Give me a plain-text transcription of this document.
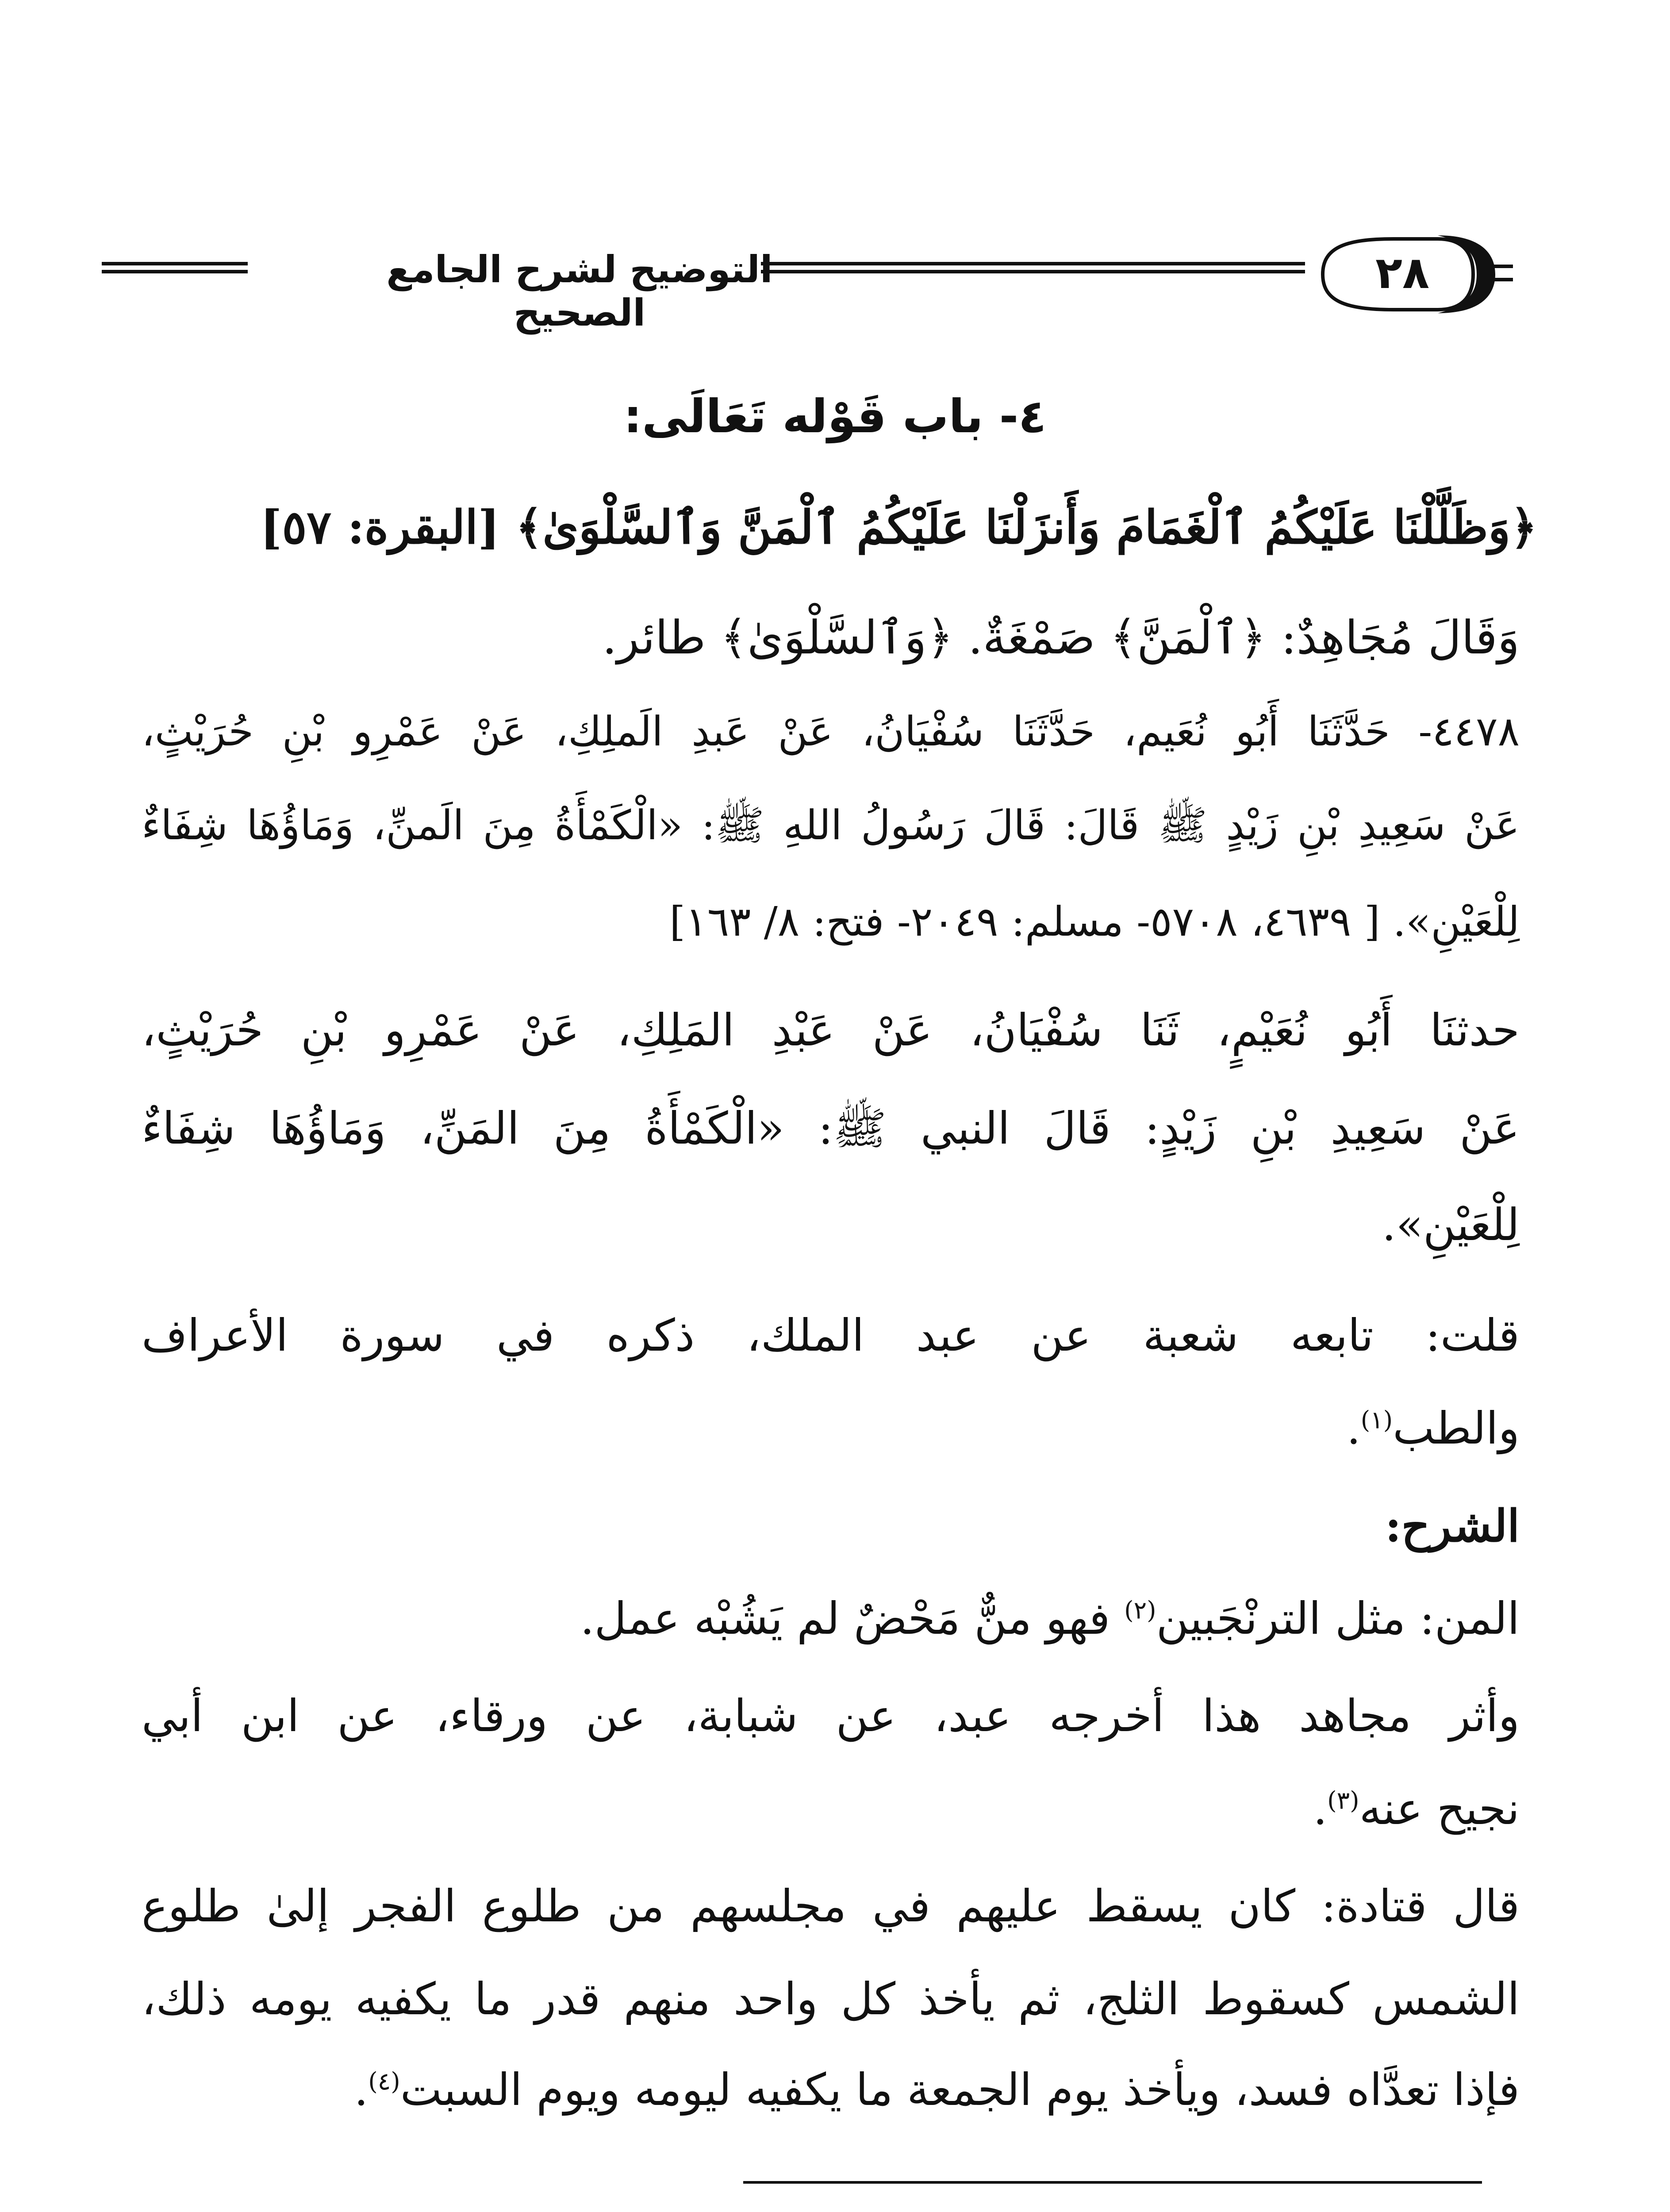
التوضيح لشرح الجامع الصحيح
٢٨
٤- باب قَوْله تَعَالَى:
﴿وَظَلَّلْنَا عَلَيْكُمُ ٱلْغَمَامَ وَأَنزَلْنَا عَلَيْكُمُ ٱلْمَنَّ وَٱلسَّلْوَىٰ﴾ [البقرة: ٥٧]
وَقَالَ مُجَاهِدٌ: ﴿ٱلْمَنَّ﴾ صَمْغَةٌ. ﴿وَٱلسَّلْوَىٰ﴾ طائر.
٤٤٧٨- حَدَّثَنَا أَبُو نُعَيم، حَدَّثَنَا سُفْيَانُ، عَنْ عَبدِ الَملِكِ، عَنْ عَمْرِو بْنِ حُرَيْثٍ،
عَنْ سَعِيدِ بْنِ زَيْدٍ ﷺ قَالَ: قَالَ رَسُولُ اللهِ ﷺ: «الْكَمْأَةُ مِنَ الَمنِّ، وَمَاؤُهَا شِفَاءٌ
لِلْعَيْنِ». [ ٤٦٣٩، ٥٧٠٨- مسلم: ٢٠٤٩- فتح: ٨/ ١٦٣]
حدثنَا أَبُو نُعَيْمٍ، ثَنَا سُفْيَانُ، عَنْ عَبْدِ المَلِكِ، عَنْ عَمْرِو بْنِ حُرَيْثٍ،
عَنْ سَعِيدِ بْنِ زَيْدٍ: قَالَ النبي ﷺ: «الْكَمْأَةُ مِنَ المَنِّ، وَمَاؤُهَا شِفَاءٌ
لِلْعَيْنِ».
قلت: تابعه شعبة عن عبد الملك، ذكره في سورة الأعراف
والطب$^{(١)}$.
الشرح:
المن: مثل الترنْجَبين$^{(٢)}$ فهو منٌّ مَحْضٌ لم يَشُبْه عمل.
وأثر مجاهد هذا أخرجه عبد، عن شبابة، عن ورقاء، عن ابن أبي
نجيح عنه$^{(٣)}$.
قال قتادة: كان يسقط عليهم في مجلسهم من طلوع الفجر إلىٰ طلوع
الشمس كسقوط الثلج، ثم يأخذ كل واحد منهم قدر ما يكفيه يومه ذلك،
فإذا تعدَّاه فسد، ويأخذ يوم الجمعة ما يكفيه ليومه ويوم السبت$^{(٤)}$.
